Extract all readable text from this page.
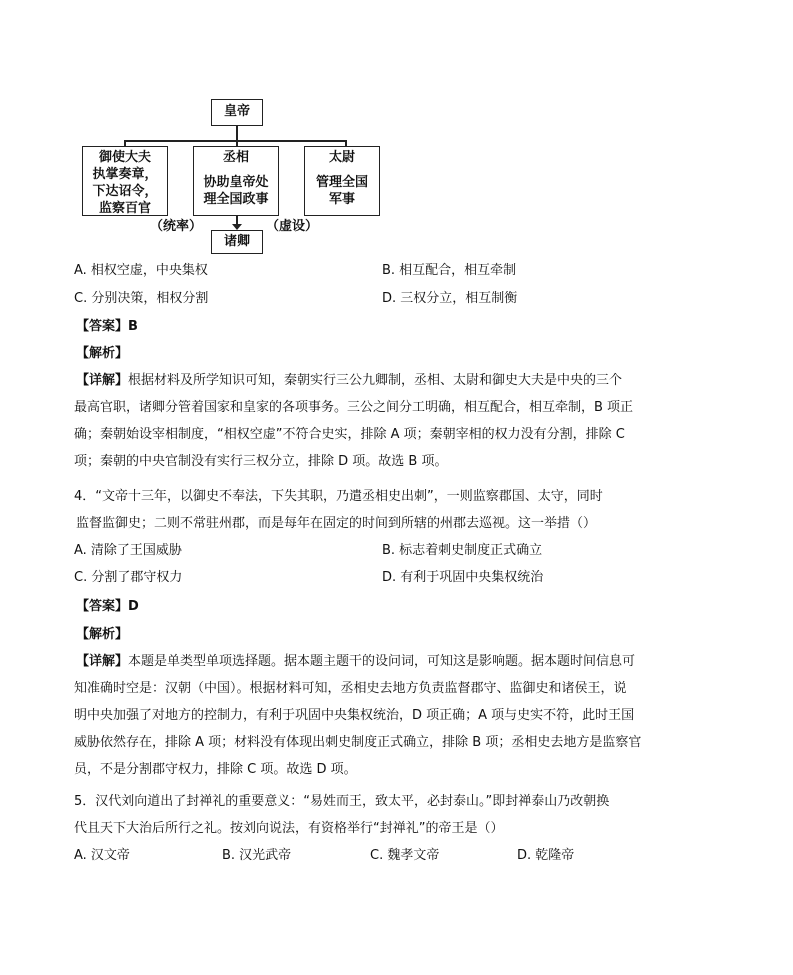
皇帝
御使大夫
执掌奏章，
下达诏令，
监察百官
丞相
协助皇帝处
理全国政事
太尉
管理全国
军事
诸卿
（统率）	（虚设）
A. 相权空虚，中央集权	B. 相互配合，相互牵制
C. 分别决策，相权分割	D. 三权分立，相互制衡
【答案】B
【解析】
【详解】根据材料及所学知识可知，秦朝实行三公九卿制，丞相、太尉和御史大夫是中央的三个
最高官职，诸卿分管着国家和皇家的各项事务。三公之间分工明确，相互配合，相互牵制，B 项正
确；秦朝始设宰相制度，“相权空虚”不符合史实，排除 A 项；秦朝宰相的权力没有分割，排除 C
项；秦朝的中央官制没有实行三权分立，排除 D 项。故选 B 项。
4．“文帝十三年，以御史不奉法，下失其职，乃遣丞相史出刺”，一则监察郡国、太守，同时
监督监御史；二则不常驻州郡，而是每年在固定的时间到所辖的州郡去巡视。这一举措（）
A. 清除了王国威胁	B. 标志着刺史制度正式确立
C. 分割了郡守权力	D. 有利于巩固中央集权统治
【答案】D
【解析】
【详解】本题是单类型单项选择题。据本题主题干的设问词，可知这是影响题。据本题时间信息可
知准确时空是：汉朝（中国）。根据材料可知，丞相史去地方负责监督郡守、监御史和诸侯王，说
明中央加强了对地方的控制力，有利于巩固中央集权统治，D 项正确；A 项与史实不符，此时王国
威胁依然存在，排除 A 项；材料没有体现出刺史制度正式确立，排除 B 项；丞相史去地方是监察官
员，不是分割郡守权力，排除 C 项。故选 D 项。
5．汉代刘向道出了封禅礼的重要意义：“易姓而王，致太平，必封泰山。”即封禅泰山乃改朝换
代且天下大治后所行之礼。按刘向说法，有资格举行“封禅礼”的帝王是（）
A. 汉文帝	B. 汉光武帝	C. 魏孝文帝	D. 乾隆帝
